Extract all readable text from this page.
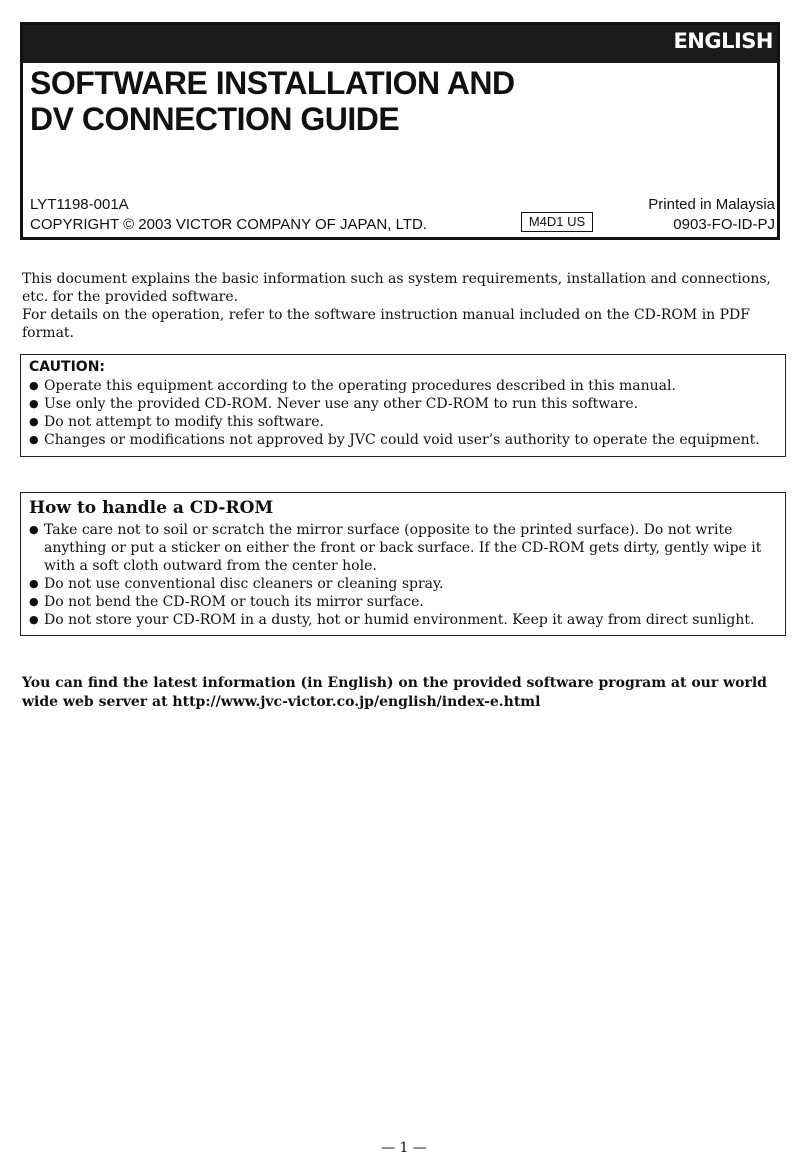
ENGLISH
SOFTWARE INSTALLATION AND
DV CONNECTION GUIDE
LYT1198-001A
COPYRIGHT © 2003 VICTOR COMPANY OF JAPAN, LTD.	M4D1 US
Printed in Malaysia
0903-FO-ID-PJ

This document explains the basic information such as system requirements, installation and connections, etc. for the provided software.

For details on the operation, refer to the software instruction manual included on the CD-ROM in PDF format.

CAUTION:
● Operate this equipment according to the operating procedures described in this manual.
● Use only the provided CD-ROM. Never use any other CD-ROM to run this software.
● Do not attempt to modify this software.
● Changes or modifications not approved by JVC could void user’s authority to operate the equipment.
How to handle a CD-ROM
● Take care not to soil or scratch the mirror surface (opposite to the printed surface). Do not write anything or put a sticker on either the front or back surface. If the CD-ROM gets dirty, gently wipe it with a soft cloth outward from the center hole.
● Do not use conventional disc cleaners or cleaning spray.
● Do not bend the CD-ROM or touch its mirror surface.
● Do not store your CD-ROM in a dusty, hot or humid environment. Keep it away from direct sunlight.
You can find the latest information (in English) on the provided software program at our world wide web server at http://www.jvc-victor.co.jp/english/index-e.html
— 1 —
